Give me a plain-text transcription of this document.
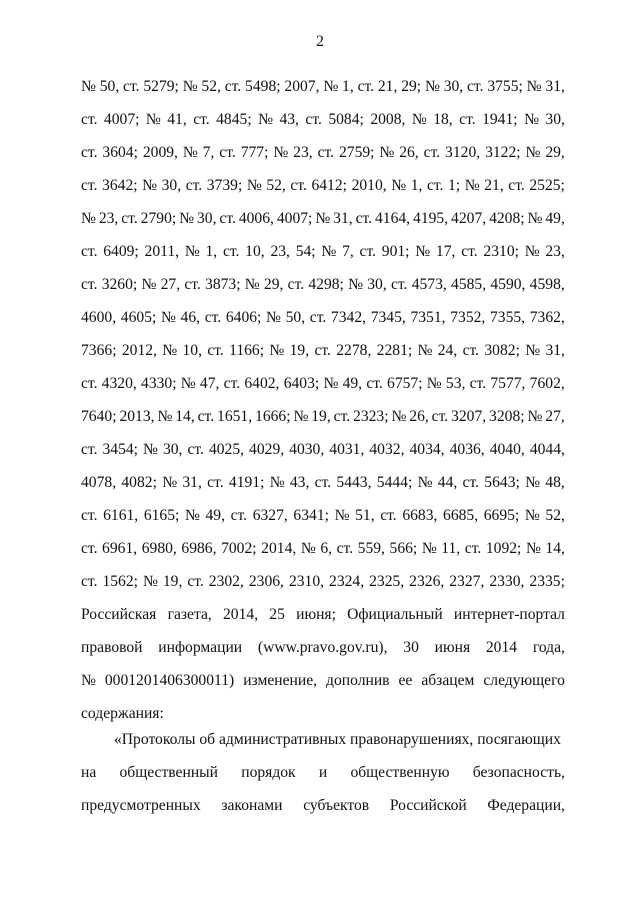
2
№ 50, ст. 5279; № 52, ст. 5498; 2007, № 1, ст. 21, 29; № 30, ст. 3755; № 31,
ст. 4007; № 41, ст. 4845; № 43, ст. 5084; 2008, № 18, ст. 1941; № 30,
ст. 3604; 2009, № 7, ст. 777; № 23, ст. 2759; № 26, ст. 3120, 3122; № 29,
ст. 3642; № 30, ст. 3739; № 52, ст. 6412; 2010, № 1, ст. 1; № 21, ст. 2525;
№ 23, ст. 2790; № 30, ст. 4006, 4007; № 31, ст. 4164, 4195, 4207, 4208; № 49,
ст. 6409; 2011, № 1, ст. 10, 23, 54; № 7, ст. 901; № 17, ст. 2310; № 23,
ст. 3260; № 27, ст. 3873; № 29, ст. 4298; № 30, ст. 4573, 4585, 4590, 4598,
4600, 4605; № 46, ст. 6406; № 50, ст. 7342, 7345, 7351, 7352, 7355, 7362,
7366; 2012, № 10, ст. 1166; № 19, ст. 2278, 2281; № 24, ст. 3082; № 31,
ст. 4320, 4330; № 47, ст. 6402, 6403; № 49, ст. 6757; № 53, ст. 7577, 7602,
7640; 2013, № 14, ст. 1651, 1666; № 19, ст. 2323; № 26, ст. 3207, 3208; № 27,
ст. 3454; № 30, ст. 4025, 4029, 4030, 4031, 4032, 4034, 4036, 4040, 4044,
4078, 4082; № 31, ст. 4191; № 43, ст. 5443, 5444; № 44, ст. 5643; № 48,
ст. 6161, 6165; № 49, ст. 6327, 6341; № 51, ст. 6683, 6685, 6695; № 52,
ст. 6961, 6980, 6986, 7002; 2014, № 6, ст. 559, 566; № 11, ст. 1092; № 14,
ст. 1562; № 19, ст. 2302, 2306, 2310, 2324, 2325, 2326, 2327, 2330, 2335;
Российская газета, 2014, 25 июня; Официальный интернет-портал
правовой информации (www.pravo.gov.ru), 30 июня 2014 года,
№ 0001201406300011) изменение, дополнив ее абзацем следующего
содержания:
«Протоколы об административных правонарушениях, посягающих
на общественный порядок и общественную безопасность,
предусмотренных законами субъектов Российской Федерации,
